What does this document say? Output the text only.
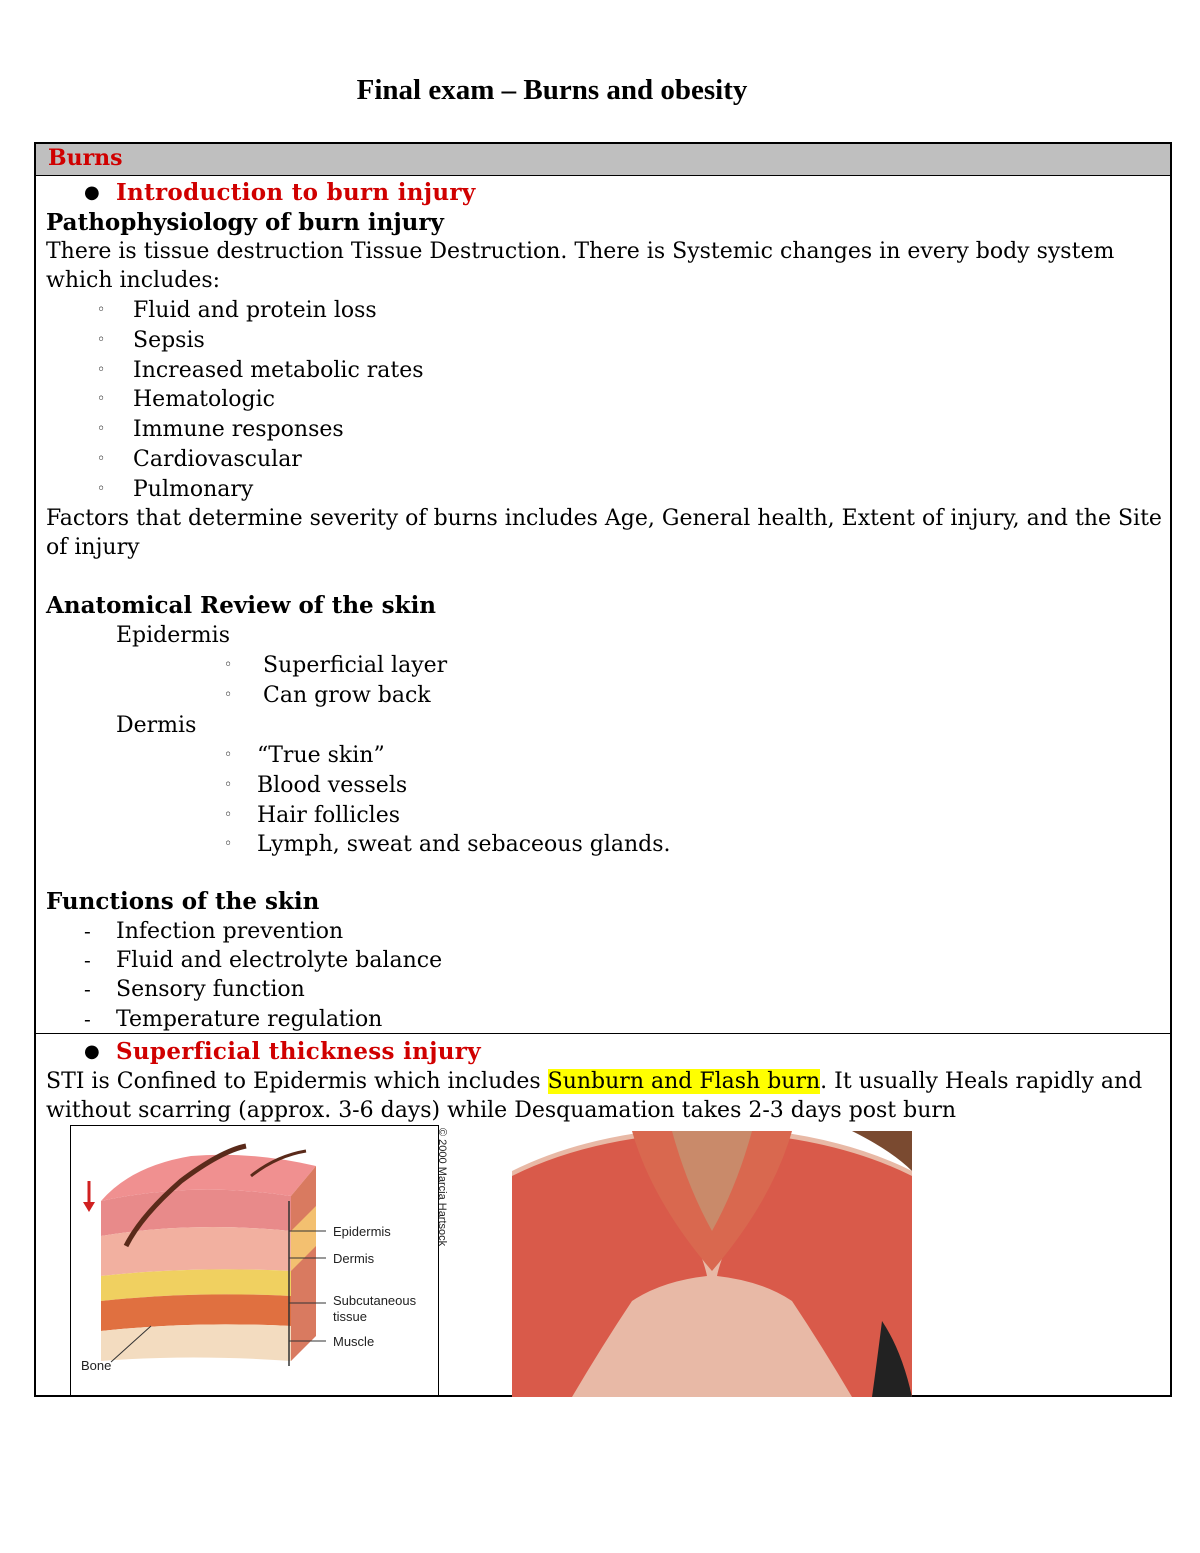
Final exam – Burns and obesity
Burns
● Introduction to burn injury
Pathophysiology of burn injury
There is tissue destruction Tissue Destruction. There is Systemic changes in every body system
which includes:
◦ Fluid and protein loss
◦ Sepsis
◦ Increased metabolic rates
◦ Hematologic
◦ Immune responses
◦ Cardiovascular
◦ Pulmonary
Factors that determine severity of burns includes Age, General health, Extent of injury, and the Site
of injury
Anatomical Review of the skin
Epidermis
◦ Superficial layer
◦ Can grow back
Dermis
◦ “True skin”
◦ Blood vessels
◦ Hair follicles
◦ Lymph, sweat and sebaceous glands.
Functions of the skin
- Infection prevention
- Fluid and electrolyte balance
- Sensory function
- Temperature regulation
● Superficial thickness injury
STI is Confined to Epidermis which includes Sunburn and Flash burn. It usually Heals rapidly and
without scarring (approx. 3-6 days) while Desquamation takes 2-3 days post burn
Epidermis
Dermis
Subcutaneous
tissue
Muscle
Bone
© 2000 Marcia Hartsock
